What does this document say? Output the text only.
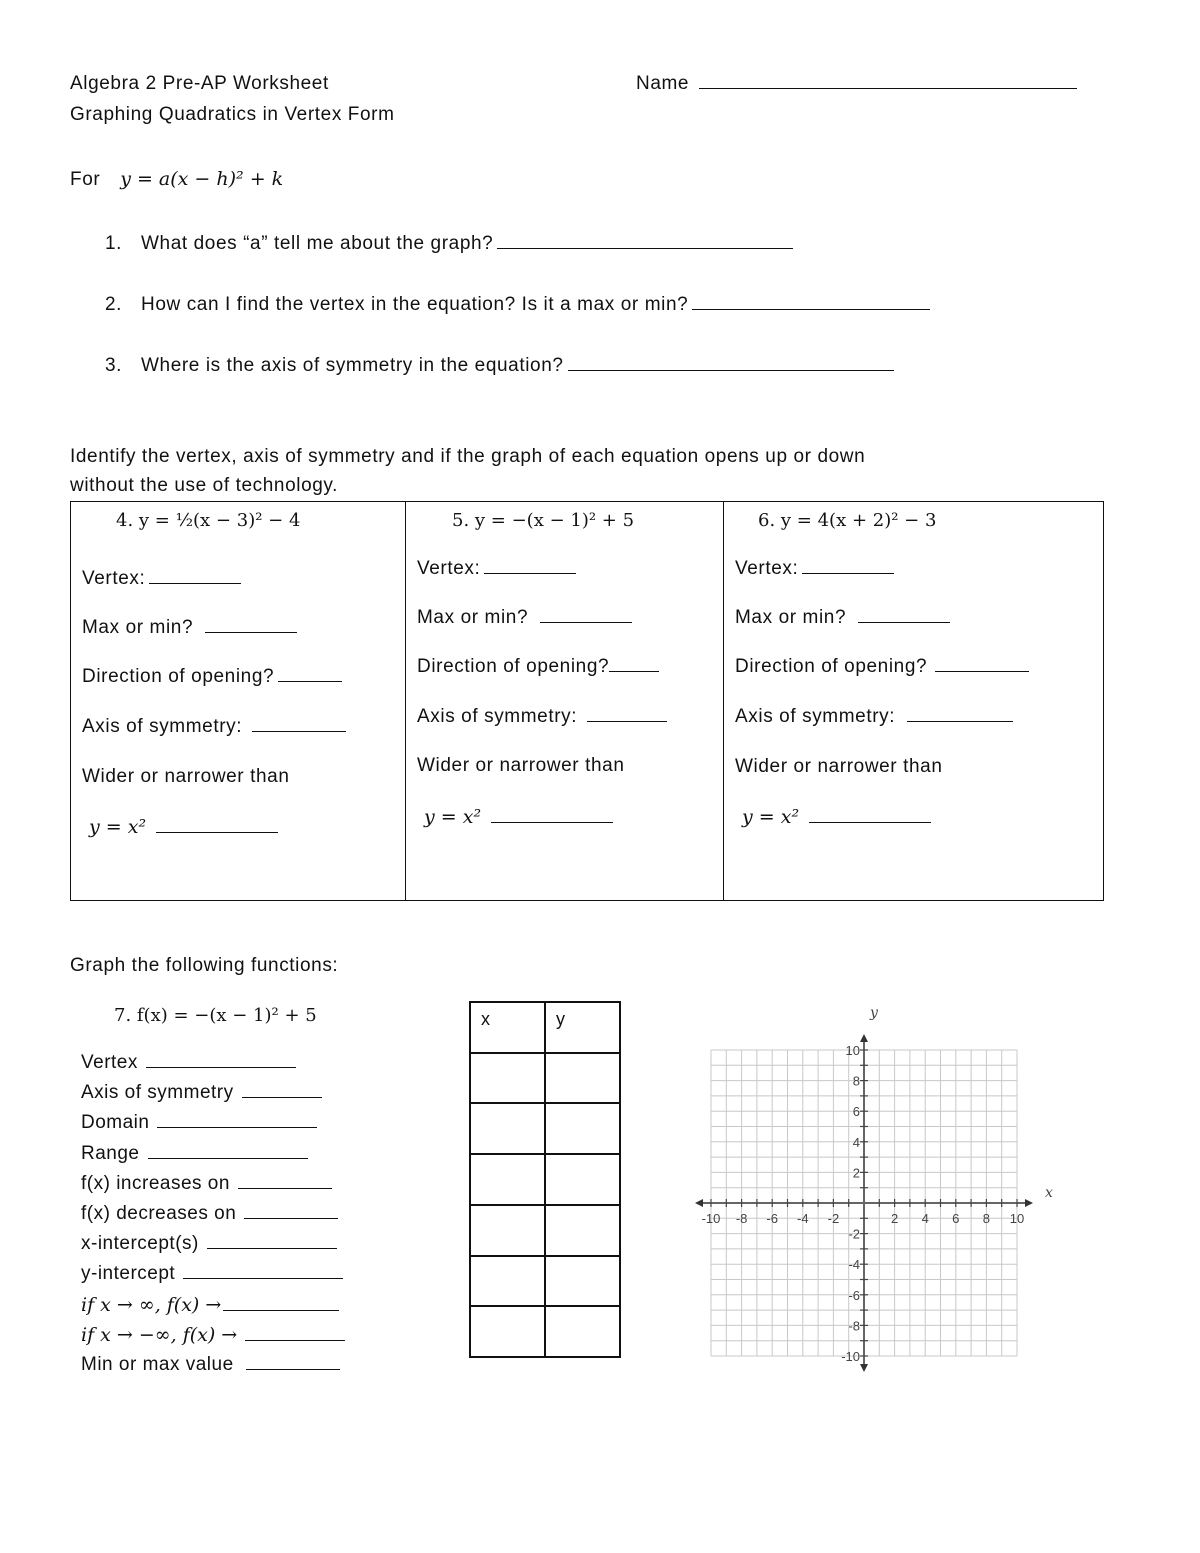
Algebra 2 Pre-AP Worksheet
Graphing Quadratics in Vertex Form
Name
For y = a(x − h)² + k
1. What does “a” tell me about the graph?
2. How can I find the vertex in the equation? Is it a max or min?
3. Where is the axis of symmetry in the equation?
Identify the vertex, axis of symmetry and if the graph of each equation opens up or down
without the use of technology.
4. y = ½(x − 3)² − 4
Vertex:
Max or min?
Direction of opening?
Axis of symmetry:
Wider or narrower than
y = x²
5. y = −(x − 1)² + 5
Vertex:
Max or min?
Direction of opening?
Axis of symmetry:
Wider or narrower than
y = x²
6. y = 4(x + 2)² − 3
Vertex:
Max or min?
Direction of opening?
Axis of symmetry:
Wider or narrower than
y = x²
Graph the following functions:
7. f(x) = −(x − 1)² + 5
Vertex
Axis of symmetry
Domain
Range
f(x) increases on
f(x) decreases on
x-intercept(s)
y-intercept
if x → ∞, f(x) →
if x → −∞, f(x) →
Min or max value
x	y

-10 -8 -6 -4 -2	2 4 6 8 10
10
8
6
4
2
-2
-4
-6
-8
-10
x
y
